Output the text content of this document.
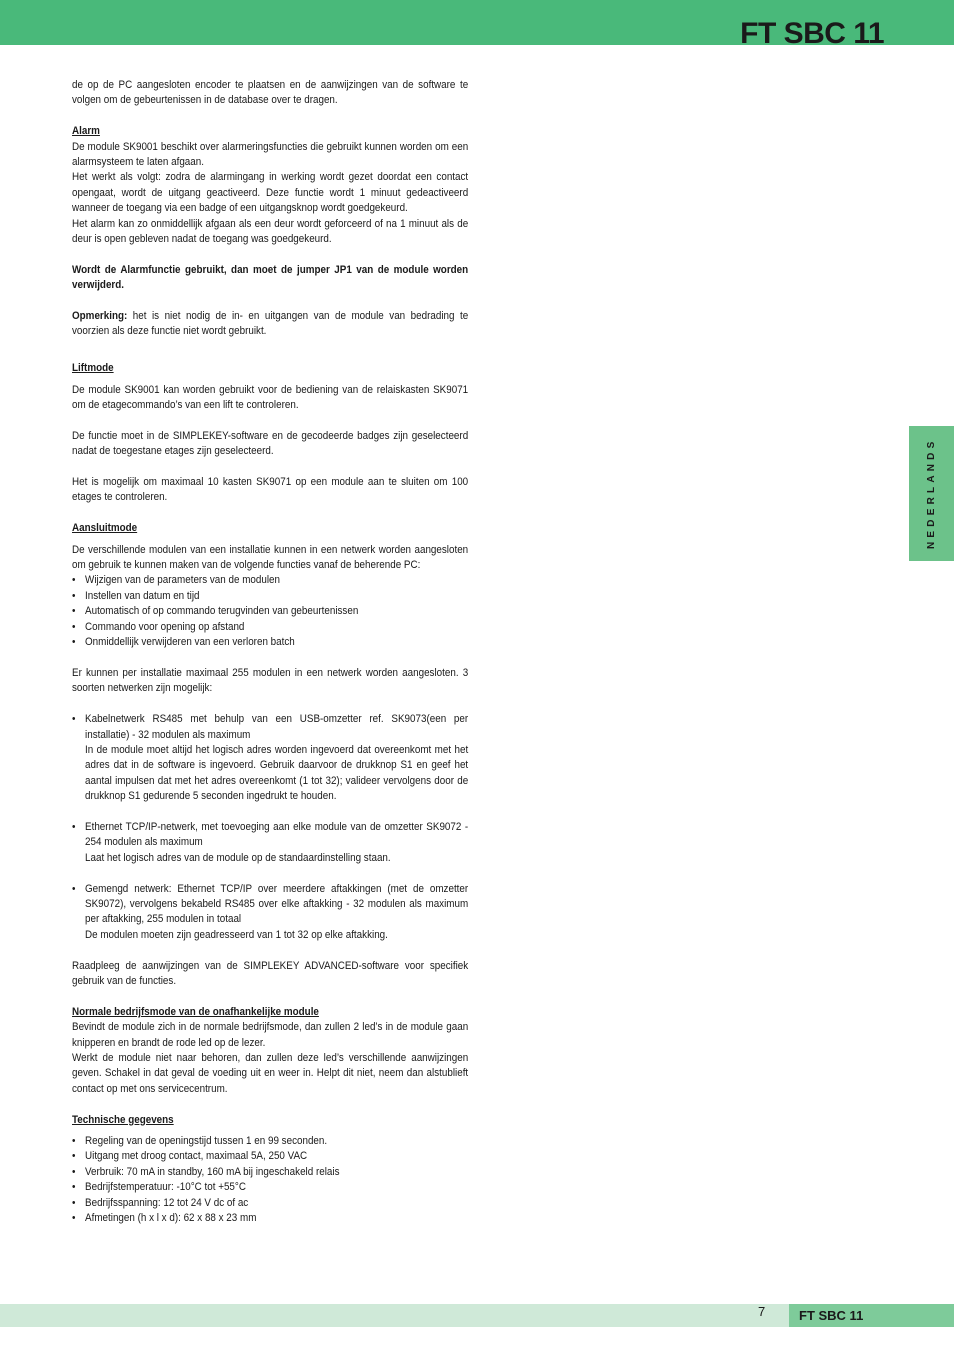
FT SBC 11
NEDERLANDS

de op de PC aangesloten encoder te plaatsen en de aanwijzingen van de software te volgen om de gebeurtenissen in de database over te dragen.

Alarm

De module SK9001 beschikt over alarmeringsfuncties die gebruikt kunnen worden om een alarmsysteem te laten afgaan.

Het werkt als volgt: zodra de alarmingang in werking wordt gezet doordat een contact opengaat, wordt de uitgang geactiveerd. Deze functie wordt 1 minuut gedeactiveerd wanneer de toegang via een badge of een uitgangsknop wordt goedgekeurd.

Het alarm kan zo onmiddellijk afgaan als een deur wordt geforceerd of na 1 minuut als de deur is open gebleven nadat de toegang was goedgekeurd.

Wordt de Alarmfunctie gebruikt, dan moet de jumper JP1 van de module worden verwijderd.

Opmerking: het is niet nodig de in- en uitgangen van de module van bedrading te voorzien als deze functie niet wordt gebruikt.

Liftmode

De module SK9001 kan worden gebruikt voor de bediening van de relaiskasten SK9071 om de etagecommando’s van een lift te controleren.

De functie moet in de SIMPLEKEY-software en de gecodeerde badges zijn geselecteerd nadat de toegestane etages zijn geselecteerd.

Het is mogelijk om maximaal 10 kasten SK9071 op een module aan te sluiten om 100 etages te controleren.

Aansluitmode

De verschillende modulen van een installatie kunnen in een netwerk worden aangesloten om gebruik te kunnen maken van de volgende functies vanaf de beherende PC:

• Wijzigen van de parameters van de modulen
• Instellen van datum en tijd
• Automatisch of op commando terugvinden van gebeurtenissen
• Commando voor opening op afstand
• Onmiddellijk verwijderen van een verloren batch

Er kunnen per installatie maximaal 255 modulen in een netwerk worden aangesloten. 3 soorten netwerken zijn mogelijk:

• Kabelnetwerk RS485 met behulp van een USB-omzetter ref. SK9073(een per installatie) - 32 modulen als maximum

In de module moet altijd het logisch adres worden ingevoerd dat overeenkomt met het adres dat in de software is ingevoerd. Gebruik daarvoor de drukknop S1 en geef het aantal impulsen dat met het adres overeenkomt (1 tot 32); valideer vervolgens door de drukknop S1 gedurende 5 seconden ingedrukt te houden.

• Ethernet TCP/IP-netwerk, met toevoeging aan elke module van de omzetter SK9072 - 254 modulen als maximum

Laat het logisch adres van de module op de standaardinstelling staan.

• Gemengd netwerk: Ethernet TCP/IP over meerdere aftakkingen (met de omzetter SK9072), vervolgens bekabeld RS485 over elke aftakking - 32 modulen als maximum per aftakking, 255 modulen in totaal

De modulen moeten zijn geadresseerd van 1 tot 32 op elke aftakking.

Raadpleeg de aanwijzingen van de SIMPLEKEY ADVANCED-software voor specifiek gebruik van de functies.

Normale bedrijfsmode van de onafhankelijke module

Bevindt de module zich in de normale bedrijfsmode, dan zullen 2 led’s in de module gaan knipperen en brandt de rode led op de lezer.

Werkt de module niet naar behoren, dan zullen deze led’s verschillende aanwijzingen geven. Schakel in dat geval de voeding uit en weer in. Helpt dit niet, neem dan alstublieft contact op met ons servicecentrum.

Technische gegevens

• Regeling van de openingstijd tussen 1 en 99 seconden.
• Uitgang met droog contact, maximaal 5A, 250 VAC
• Verbruik: 70 mA in standby, 160 mA bij ingeschakeld relais
• Bedrijfstemperatuur: -10°C tot +55°C
• Bedrijfsspanning: 12 tot 24 V dc of ac
• Afmetingen (h x l x d): 62 x 88 x 23 mm
7	FT SBC 11
